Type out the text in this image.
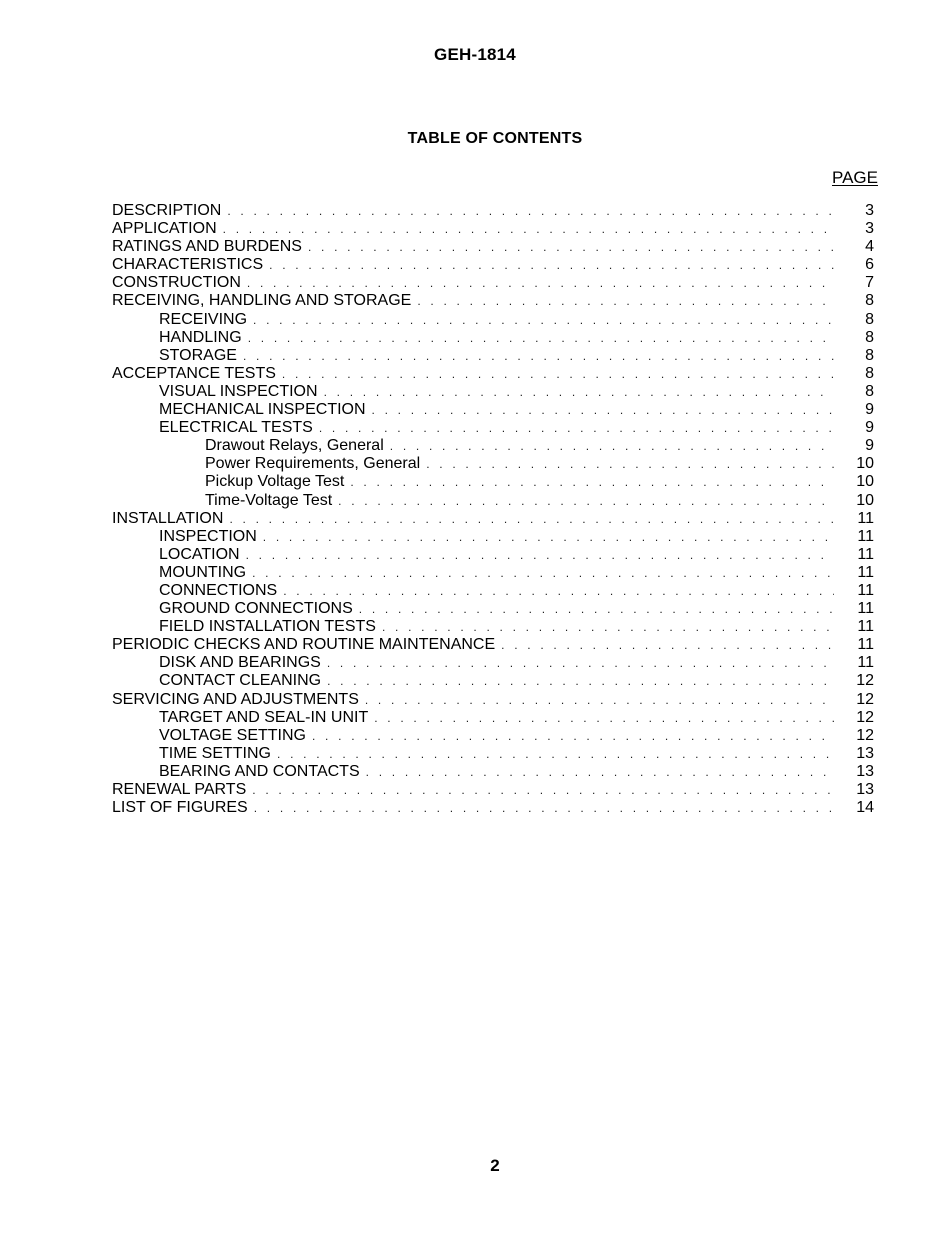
GEH-1814
TABLE OF CONTENTS
PAGE
DESCRIPTION . . .	3
APPLICATION . . .	3
RATINGS AND BURDENS . . .	4
CHARACTERISTICS . . .	6
CONSTRUCTION . . .	7
RECEIVING, HANDLING AND STORAGE . . .	8
RECEIVING . . .	8
HANDLING . . .	8
STORAGE . . .	8
ACCEPTANCE TESTS . . .	8
VISUAL INSPECTION . . .	8
MECHANICAL INSPECTION . . .	9
ELECTRICAL TESTS . . .	9
Drawout Relays, General . . .	9
Power Requirements, General . . .	10
Pickup Voltage Test . . .	10
Time-Voltage Test . . .	10
INSTALLATION . . .	11
INSPECTION . . .	11
LOCATION . . .	11
MOUNTING . . .	11
CONNECTIONS . . .	11
GROUND CONNECTIONS . . .	11
FIELD INSTALLATION TESTS . . .	11
PERIODIC CHECKS AND ROUTINE MAINTENANCE . . .	11
DISK AND BEARINGS . . .	11
CONTACT CLEANING . . .	12
SERVICING AND ADJUSTMENTS . . .	12
TARGET AND SEAL-IN UNIT . . .	12
VOLTAGE SETTING . . .	12
TIME SETTING . . .	13
BEARING AND CONTACTS . . .	13
RENEWAL PARTS . . .	13
LIST OF FIGURES . . .	14
2
